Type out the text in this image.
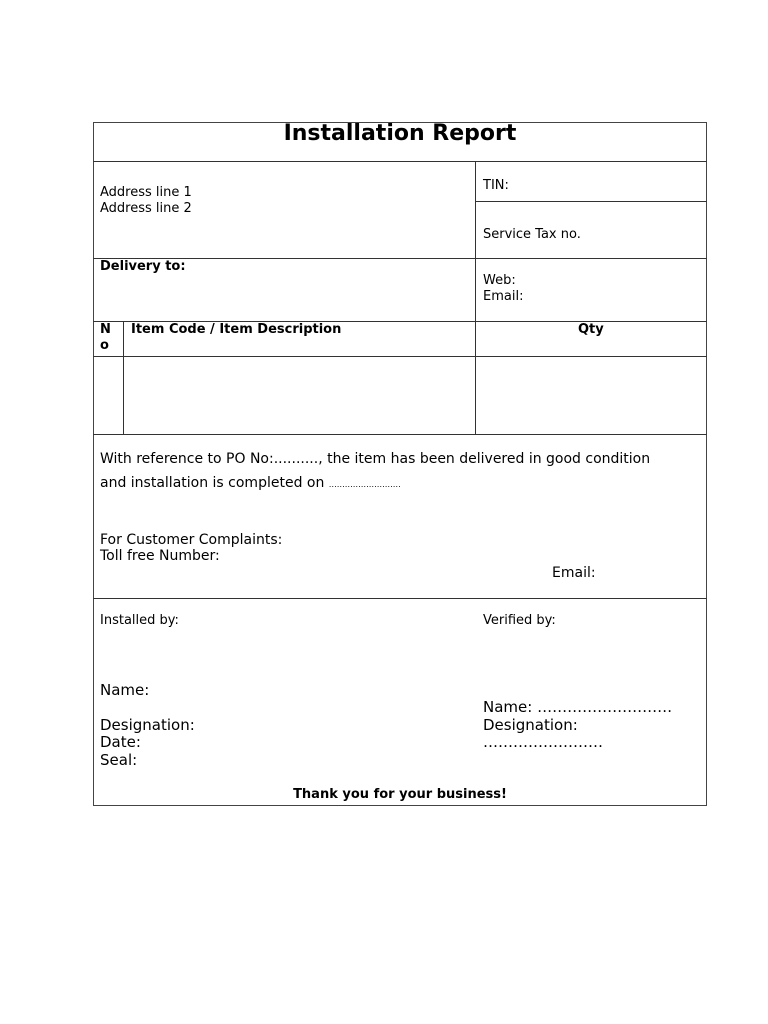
Installation Report
Address line 1
Address line 2
TIN:
Service Tax no.
Delivery to:
Web:
Email:
N
o
Item Code / Item Description	Qty
With reference to PO No:.........., the item has been delivered in good condition
and installation is completed on ………………………
For Customer Complaints:
Toll free Number:
Email:
Installed by:	Verified by:
Name:
Designation:
Date:
Seal:
Name: ………………………
Designation:
……………………
Thank you for your business!
